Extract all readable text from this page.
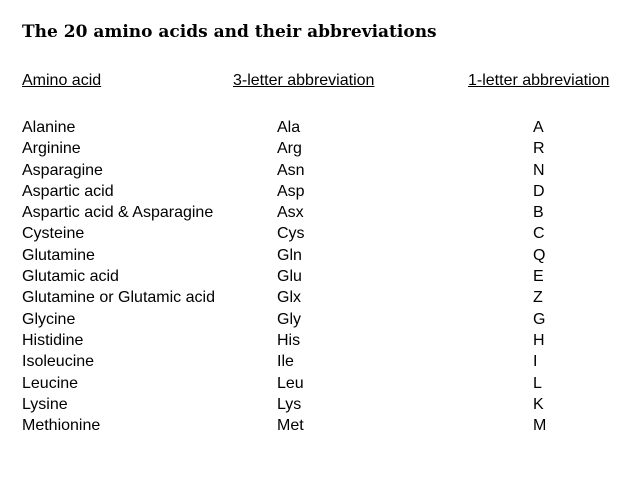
The 20 amino acids and their abbreviations
Amino acid	3-letter abbreviation	1-letter abbreviation
Alanine	Ala	A
Arginine	Arg	R
Asparagine	Asn	N
Aspartic acid	Asp	D
Aspartic acid & Asparagine	Asx	B
Cysteine	Cys	C
Glutamine	Gln	Q
Glutamic acid	Glu	E
Glutamine or Glutamic acid	Glx	Z
Glycine	Gly	G
Histidine	His	H
Isoleucine	Ile	I
Leucine	Leu	L
Lysine	Lys	K
Methionine	Met	M
